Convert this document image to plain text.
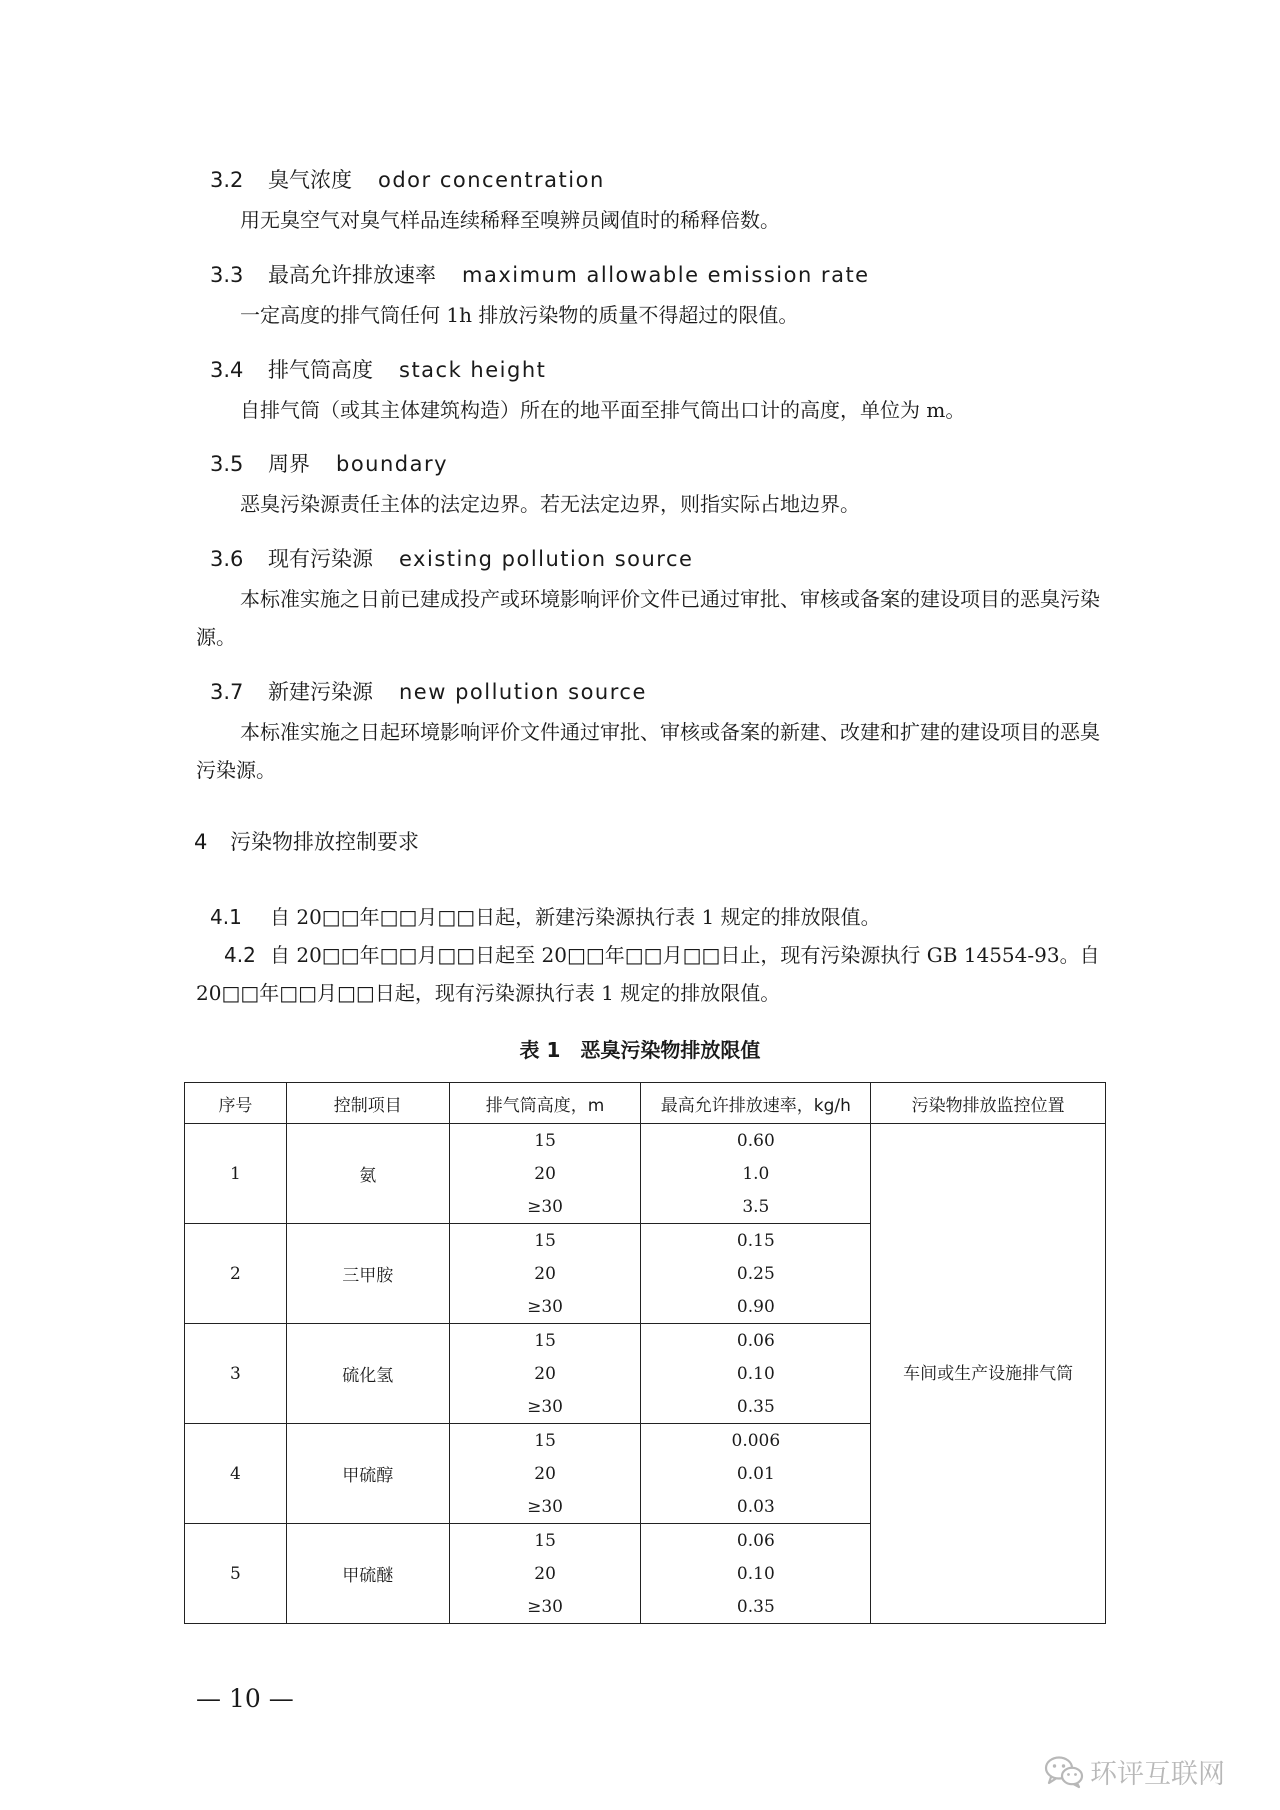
3.2 臭气浓度 odor concentration
用无臭空气对臭气样品连续稀释至嗅辨员阈值时的稀释倍数。
3.3 最高允许排放速率 maximum allowable emission rate
一定高度的排气筒任何 1h 排放污染物的质量不得超过的限值。
3.4 排气筒高度 stack height
自排气筒（或其主体建筑构造）所在的地平面至排气筒出口计的高度，单位为 m。
3.5 周界 boundary
恶臭污染源责任主体的法定边界。若无法定边界，则指实际占地边界。
3.6 现有污染源 existing pollution source
本标准实施之日前已建成投产或环境影响评价文件已通过审批、审核或备案的建设项目的恶臭污染源。
3.7 新建污染源 new pollution source
本标准实施之日起环境影响评价文件通过审批、审核或备案的新建、改建和扩建的建设项目的恶臭污染源。
4 污染物排放控制要求
4.1 自 20□□年□□月□□日起，新建污染源执行表 1 规定的排放限值。
4.2 自 20□□年□□月□□日起至 20□□年□□月□□日止，现有污染源执行 GB 14554-93。自 20□□年□□月□□日起，现有污染源执行表 1 规定的排放限值。
表 1　恶臭污染物排放限值
序号	控制项目	排气筒高度，m	最高允许排放速率，kg/h	污染物排放监控位置
1	氨	15	0.60	车间或生产设施排气筒
		20	1.0	
		≥30	3.5	
2	三甲胺	15	0.15	
		20	0.25	
		≥30	0.90	
3	硫化氢	15	0.06	
		20	0.10	
		≥30	0.35	
4	甲硫醇	15	0.006	
		20	0.01	
		≥30	0.03	
5	甲硫醚	15	0.06	
		20	0.10	
		≥30	0.35	
— 10 —
环评互联网
